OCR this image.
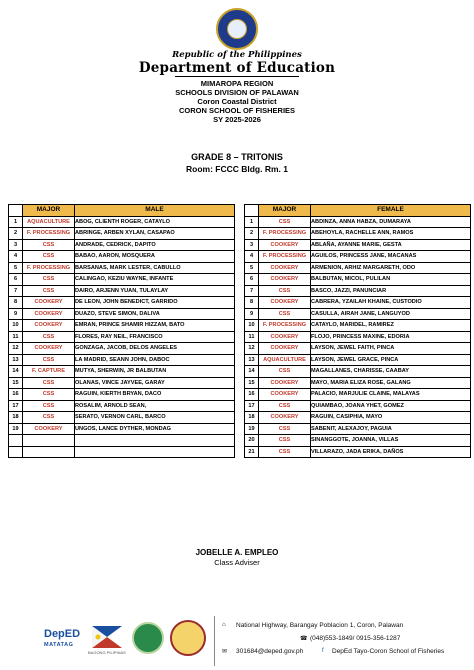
Republic of the Philippines
Department of Education
MIMAROPA REGION
SCHOOLS DIVISION OF PALAWAN
Coron Coastal District
CORON SCHOOL OF FISHERIES
SY 2025-2026
GRADE 8 – TRITONIS
Room: FCCC Bldg. Rm. 1
	MAJOR	MALE
1	AQUACULTURE	ABOG, CLIENTH ROGER, CATAYLO
2	F. PROCESSING	ABRINGE, ARBEN XYLAN, CASAPAO
3	CSS	ANDRADE, CEDRICK, DAPITO
4	CSS	BABAO, AARON, MOSQUERA
5	F. PROCESSING	BARSANAS, MARK LESTER, CABULLO
6	CSS	CALINGAO, KEZIU WAYNE, INFANTE
7	CSS	DAIRO, ARJENN YUAN, TULAYLAY
8	COOKERY	DE LEON, JOHN BENEDICT, GARRIDO
9	COOKERY	DUAZO, STEVE SIMON, DALIVA
10	COOKERY	EMRAN, PRINCE SHAMIR HIZZAM, BATO
11	CSS	FLORES, RAY NEIL, FRANCISCO
12	COOKERY	GONZAGA, JACOB, DELOS ANGELES
13	CSS	LA MADRID, SEANN JOHN, DABOC
14	F. CAPTURE	MUTYA, SHERWIN, JR BALBUTAN
15	CSS	OLANAS, VINCE JAYVEE, GARAY
16	CSS	RAGUIN, KIERTH BRYAN, DACO
17	CSS	ROSALIM, ARNOLD SEAN,
18	CSS	SERATO, VERNON CARL, BARCO
19	COOKERY	UNGOS, LANCE DYTHER, MONDAG

	MAJOR	FEMALE
1	CSS	ABDINZA, ANNA HABZA, DUMARAYA
2	F. PROCESSING	ABEHOYLA, RACHELLE ANN, RAMOS
3	COOKERY	ABLAÑA, AYANNE MARIE, GESTA
4	F. PROCESSING	AGUILOS, PRINCESS JANE, MACANAS
5	COOKERY	ARMENION, ARHIZ MARGARETH, ODO
6	COOKERY	BALBUTAN, MICOL, PULILAN
7	CSS	BASCO, JAZZI, PANUNCIAR
8	COOKERY	CABRERA, YZAILAH KHAINE, CUSTODIO
9	CSS	CASULLA, AIRAH JANE, LANGUYOD
10	F. PROCESSING	CATAYLO, MARIDEL, RAMIREZ
11	COOKERY	FLOJO, PRINCESS MAXINE, EDORIA
12	COOKERY	LAYSON, JEWEL FAITH, PINCA
13	AQUACULTURE	LAYSON, JEWEL GRACE, PINCA
14	CSS	MAGALLANES, CHARISSE, CAABAY
15	COOKERY	MAYO, MARIA ELIZA ROSE, GALANG
16	COOKERY	PALACIO, MARJULIE CLAINE, MALAYAS
17	CSS	QUIAMBAO, JOANA YHET, GOMEZ
18	COOKERY	RAGUIN, CASIPHIA, MAYO
19	CSS	SABENIT, ALEXAJOY, PAGUIA
20	CSS	SINANGGOTE, JOANNA, VILLAS
21	CSS	VILLARAZO, JADA ERIKA, DAÑOS
JOBELLE A. EMPLEO
Class Adviser
DepED
MATATAG
BAGONG PILIPINAS
⌂ National Highway, Barangay Poblacion 1, Coron, Palawan
☎ (048)553-1849/ 0915-356-1287
✉ 301684@deped.gov.ph	f DepEd Tayo-Coron School of Fisheries
